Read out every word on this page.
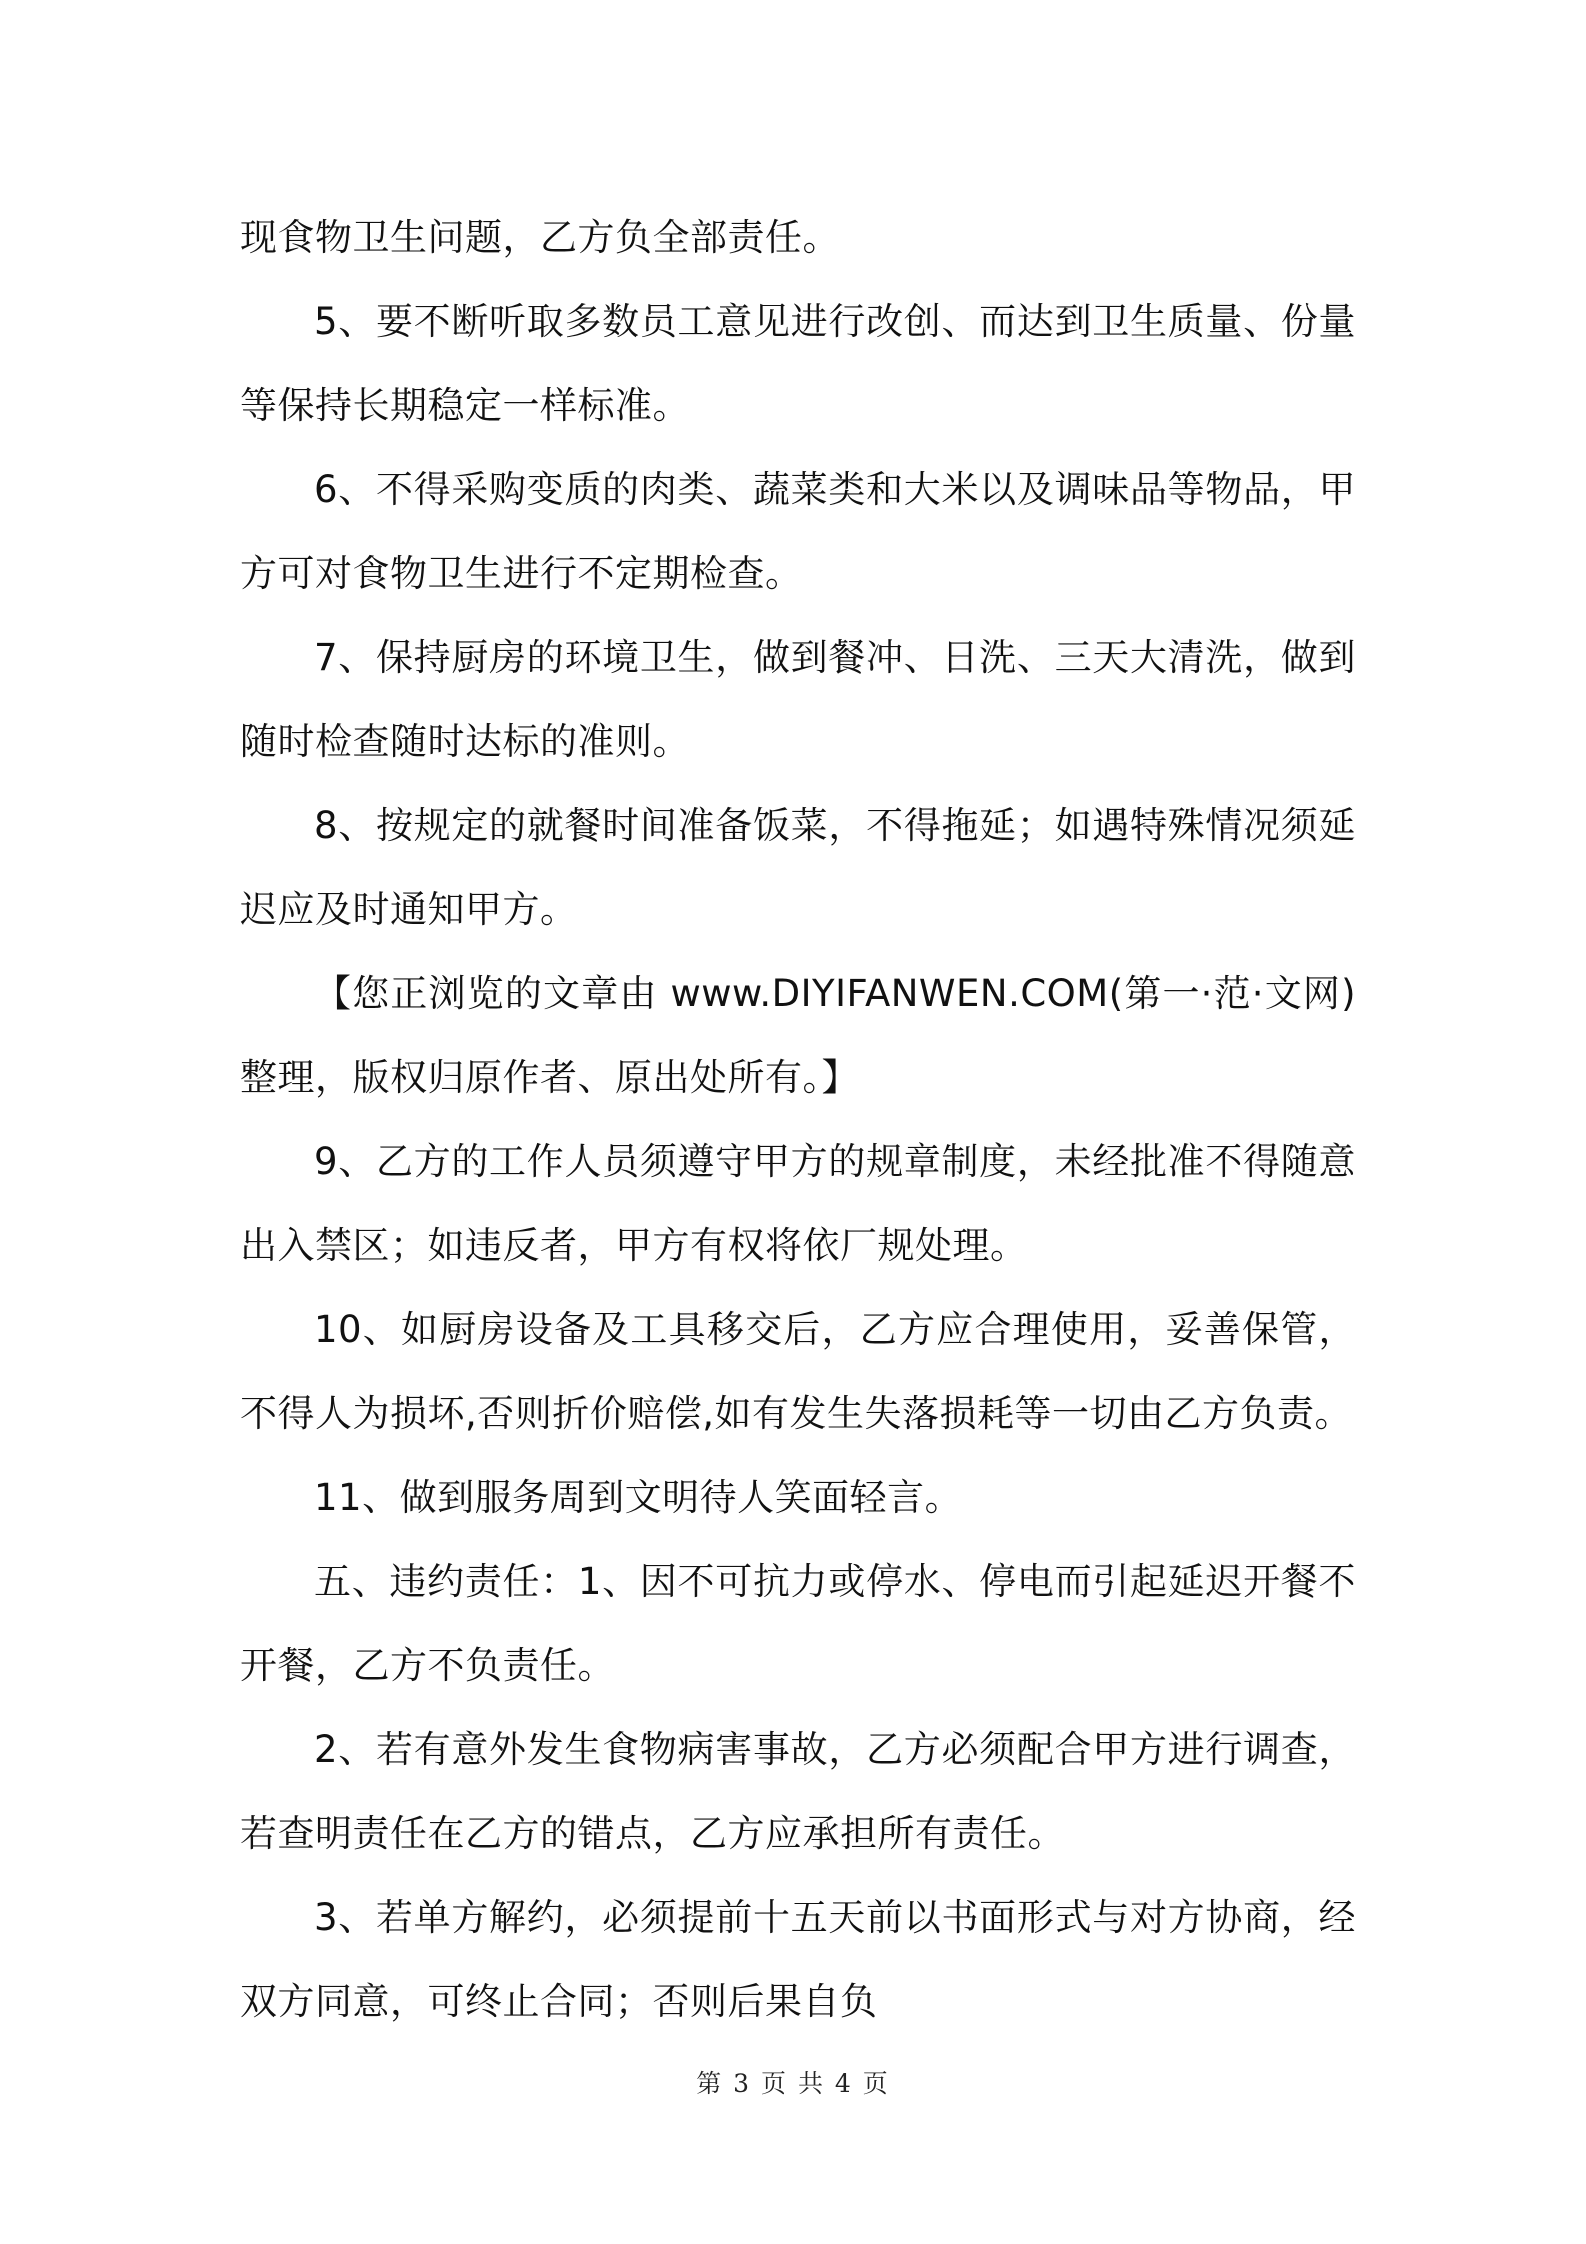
现食物卫生问题，乙方负全部责任。

5、要不断听取多数员工意见进行改创、而达到卫生质量、份量等保持长期稳定一样标准。

6、不得采购变质的肉类、蔬菜类和大米以及调味品等物品，甲方可对食物卫生进行不定期检查。

7、保持厨房的环境卫生，做到餐冲、日洗、三天大清洗，做到随时检查随时达标的准则。

8、按规定的就餐时间准备饭菜，不得拖延；如遇特殊情况须延迟应及时通知甲方。

【您正浏览的文章由 www.DIYIFANWEN.COM(第一·范·文网)整理，版权归原作者、原出处所有。】

9、乙方的工作人员须遵守甲方的规章制度，未经批准不得随意出入禁区；如违反者，甲方有权将依厂规处理。

10、如厨房设备及工具移交后，乙方应合理使用，妥善保管，不得人为损坏,否则折价赔偿,如有发生失落损耗等一切由乙方负责。

11、做到服务周到文明待人笑面轻言。

五、违约责任：1、因不可抗力或停水、停电而引起延迟开餐不开餐，乙方不负责任。

2、若有意外发生食物病害事故，乙方必须配合甲方进行调查，若查明责任在乙方的错点，乙方应承担所有责任。

3、若单方解约，必须提前十五天前以书面形式与对方协商，经双方同意，可终止合同；否则后果自负

第 3 页 共 4 页
